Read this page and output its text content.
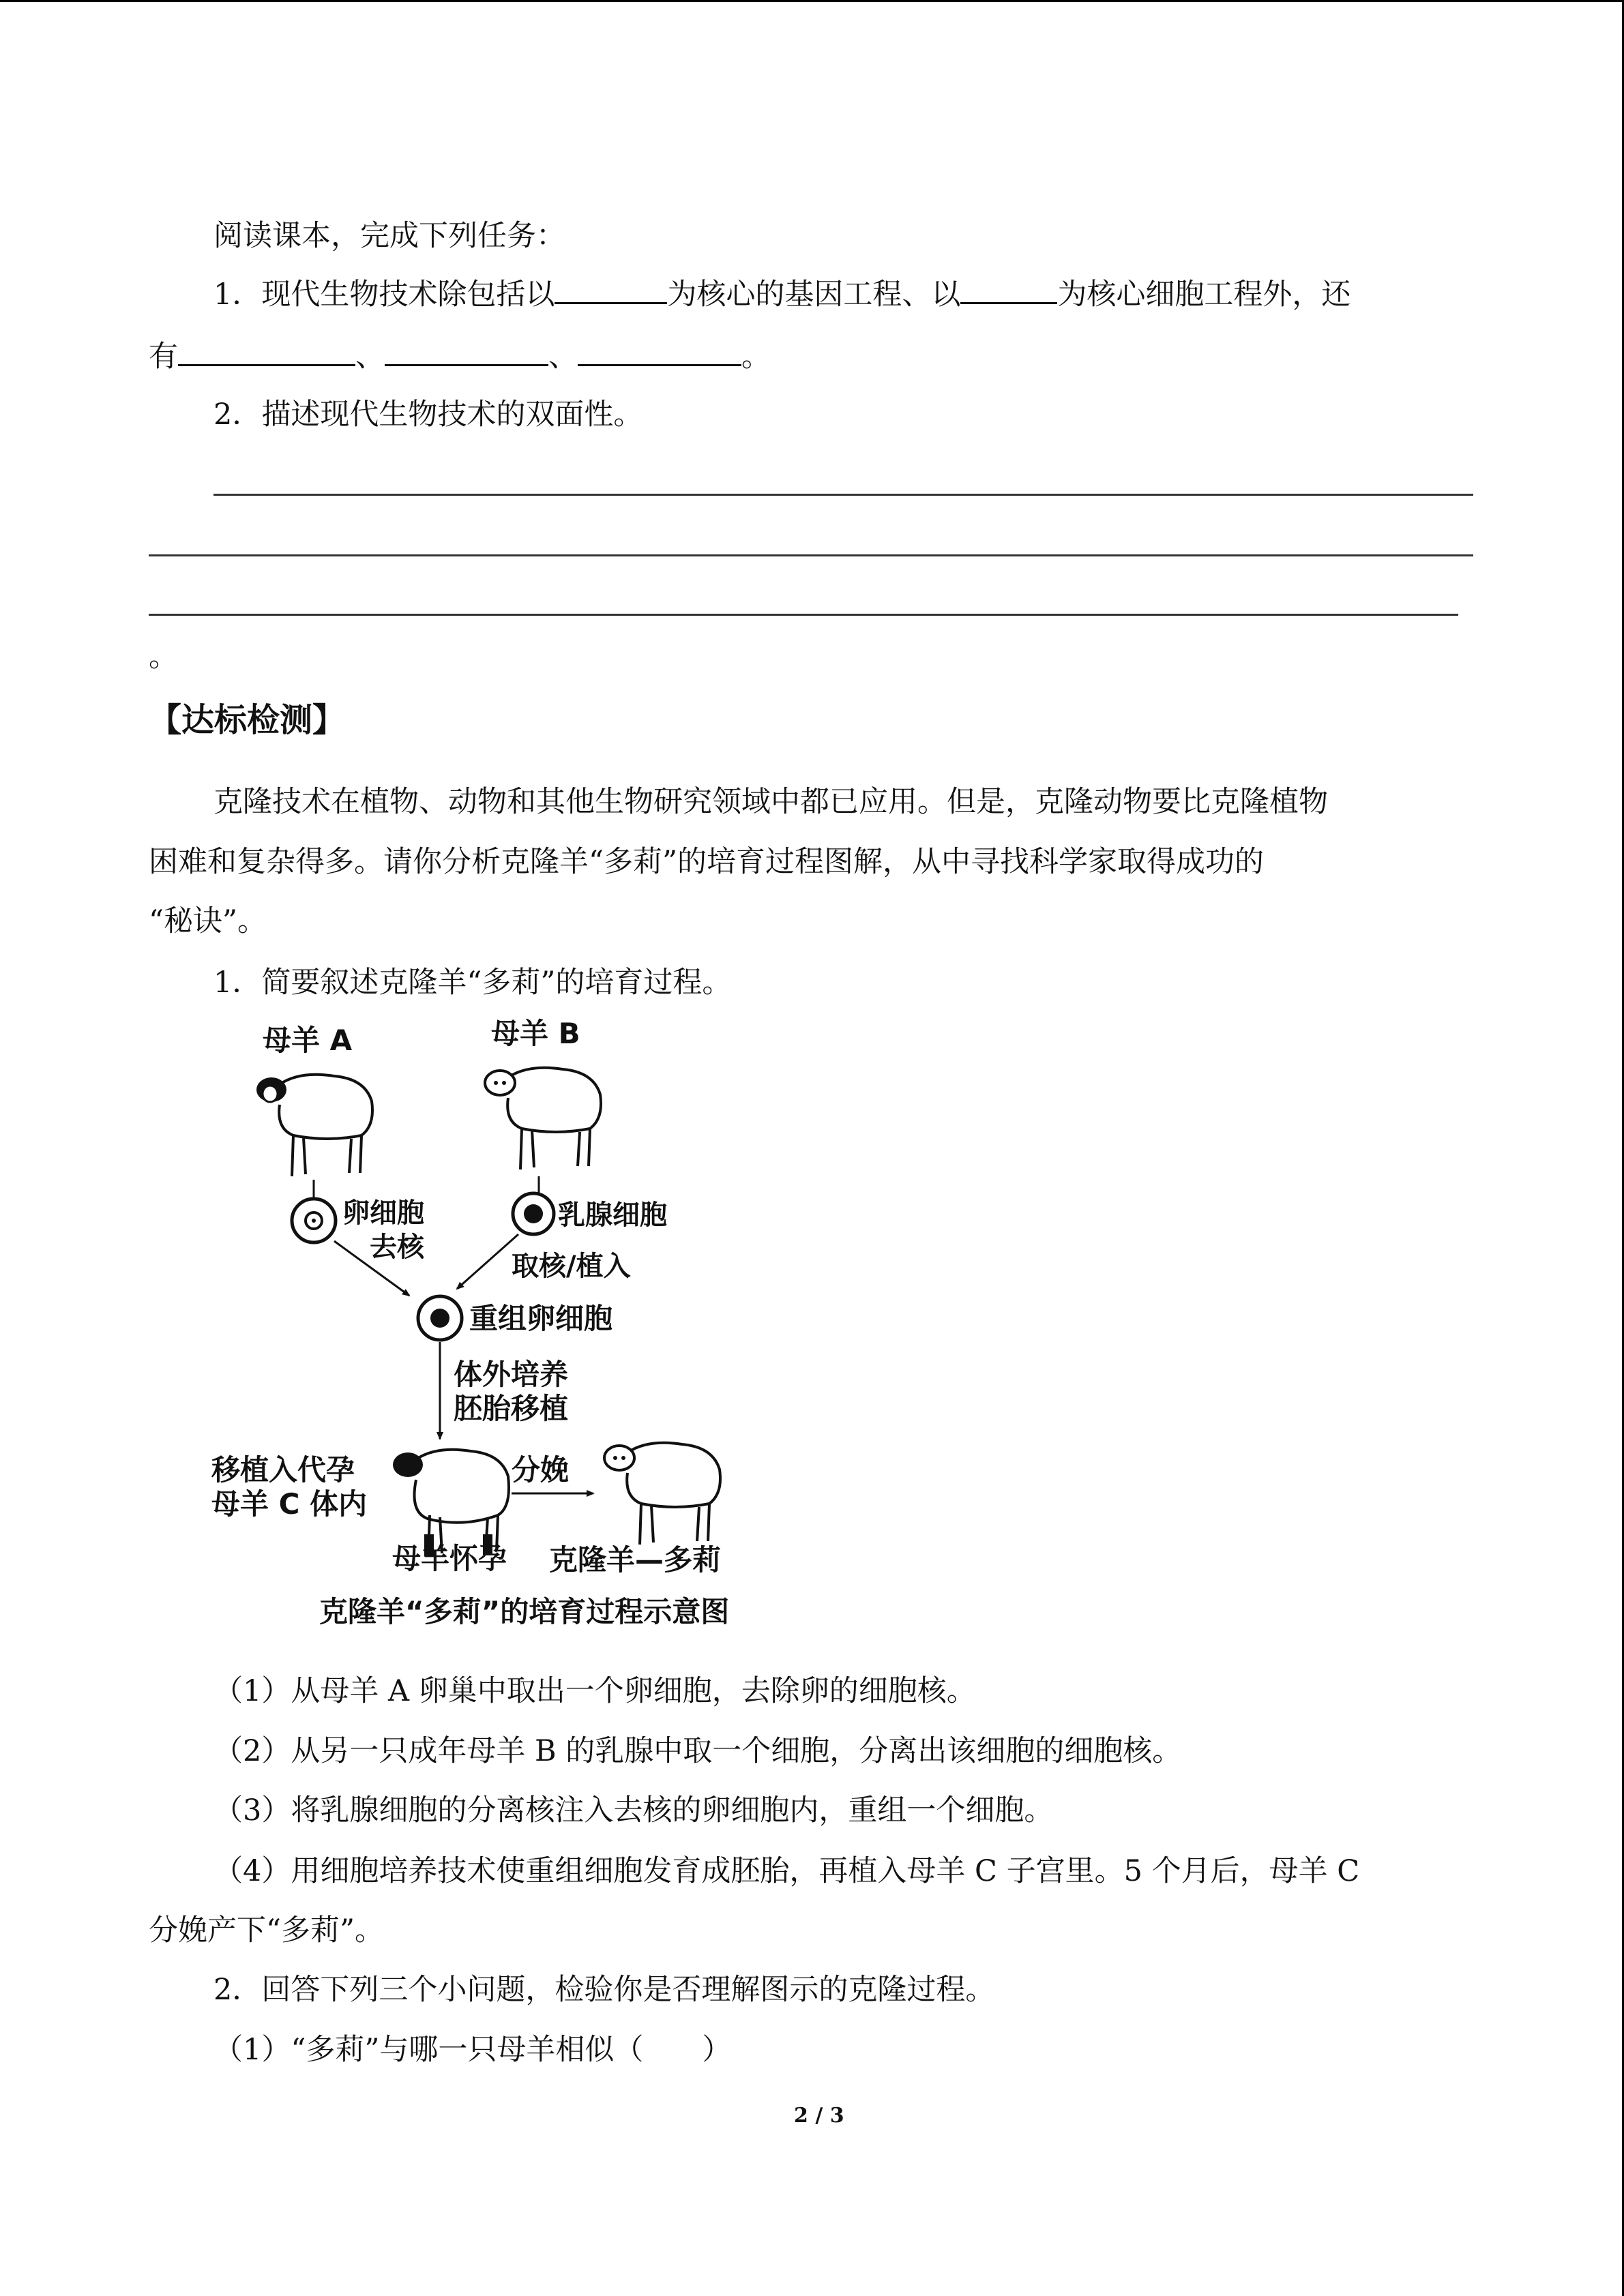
阅读课本，完成下列任务：
1．现代生物技术除包括以	为核心的基因工程、以	为核心细胞工程外，还
有	、	、	。
2．描述现代生物技术的双面性。
。
【达标检测】
克隆技术在植物、动物和其他生物研究领域中都已应用。但是，克隆动物要比克隆植物
困难和复杂得多。请你分析克隆羊“多莉”的培育过程图解，从中寻找科学家取得成功的
“秘诀”。
1．简要叙述克隆羊“多莉”的培育过程。
母羊 A	母羊 B
卵细胞
去核
乳腺细胞
取核/植入
重组卵细胞
体外培养
胚胎移植
移植入代孕
母羊 C 体内
分娩
母羊怀孕 克隆羊—多莉
克隆羊“多莉”的培育过程示意图
（1）从母羊 A 卵巢中取出一个卵细胞，去除卵的细胞核。
（2）从另一只成年母羊 B 的乳腺中取一个细胞，分离出该细胞的细胞核。
（3）将乳腺细胞的分离核注入去核的卵细胞内，重组一个细胞。
（4）用细胞培养技术使重组细胞发育成胚胎，再植入母羊 C 子宫里。5 个月后，母羊 C
分娩产下“多莉”。
2．回答下列三个小问题，检验你是否理解图示的克隆过程。
（1）“多莉”与哪一只母羊相似（　　）
2 / 3
